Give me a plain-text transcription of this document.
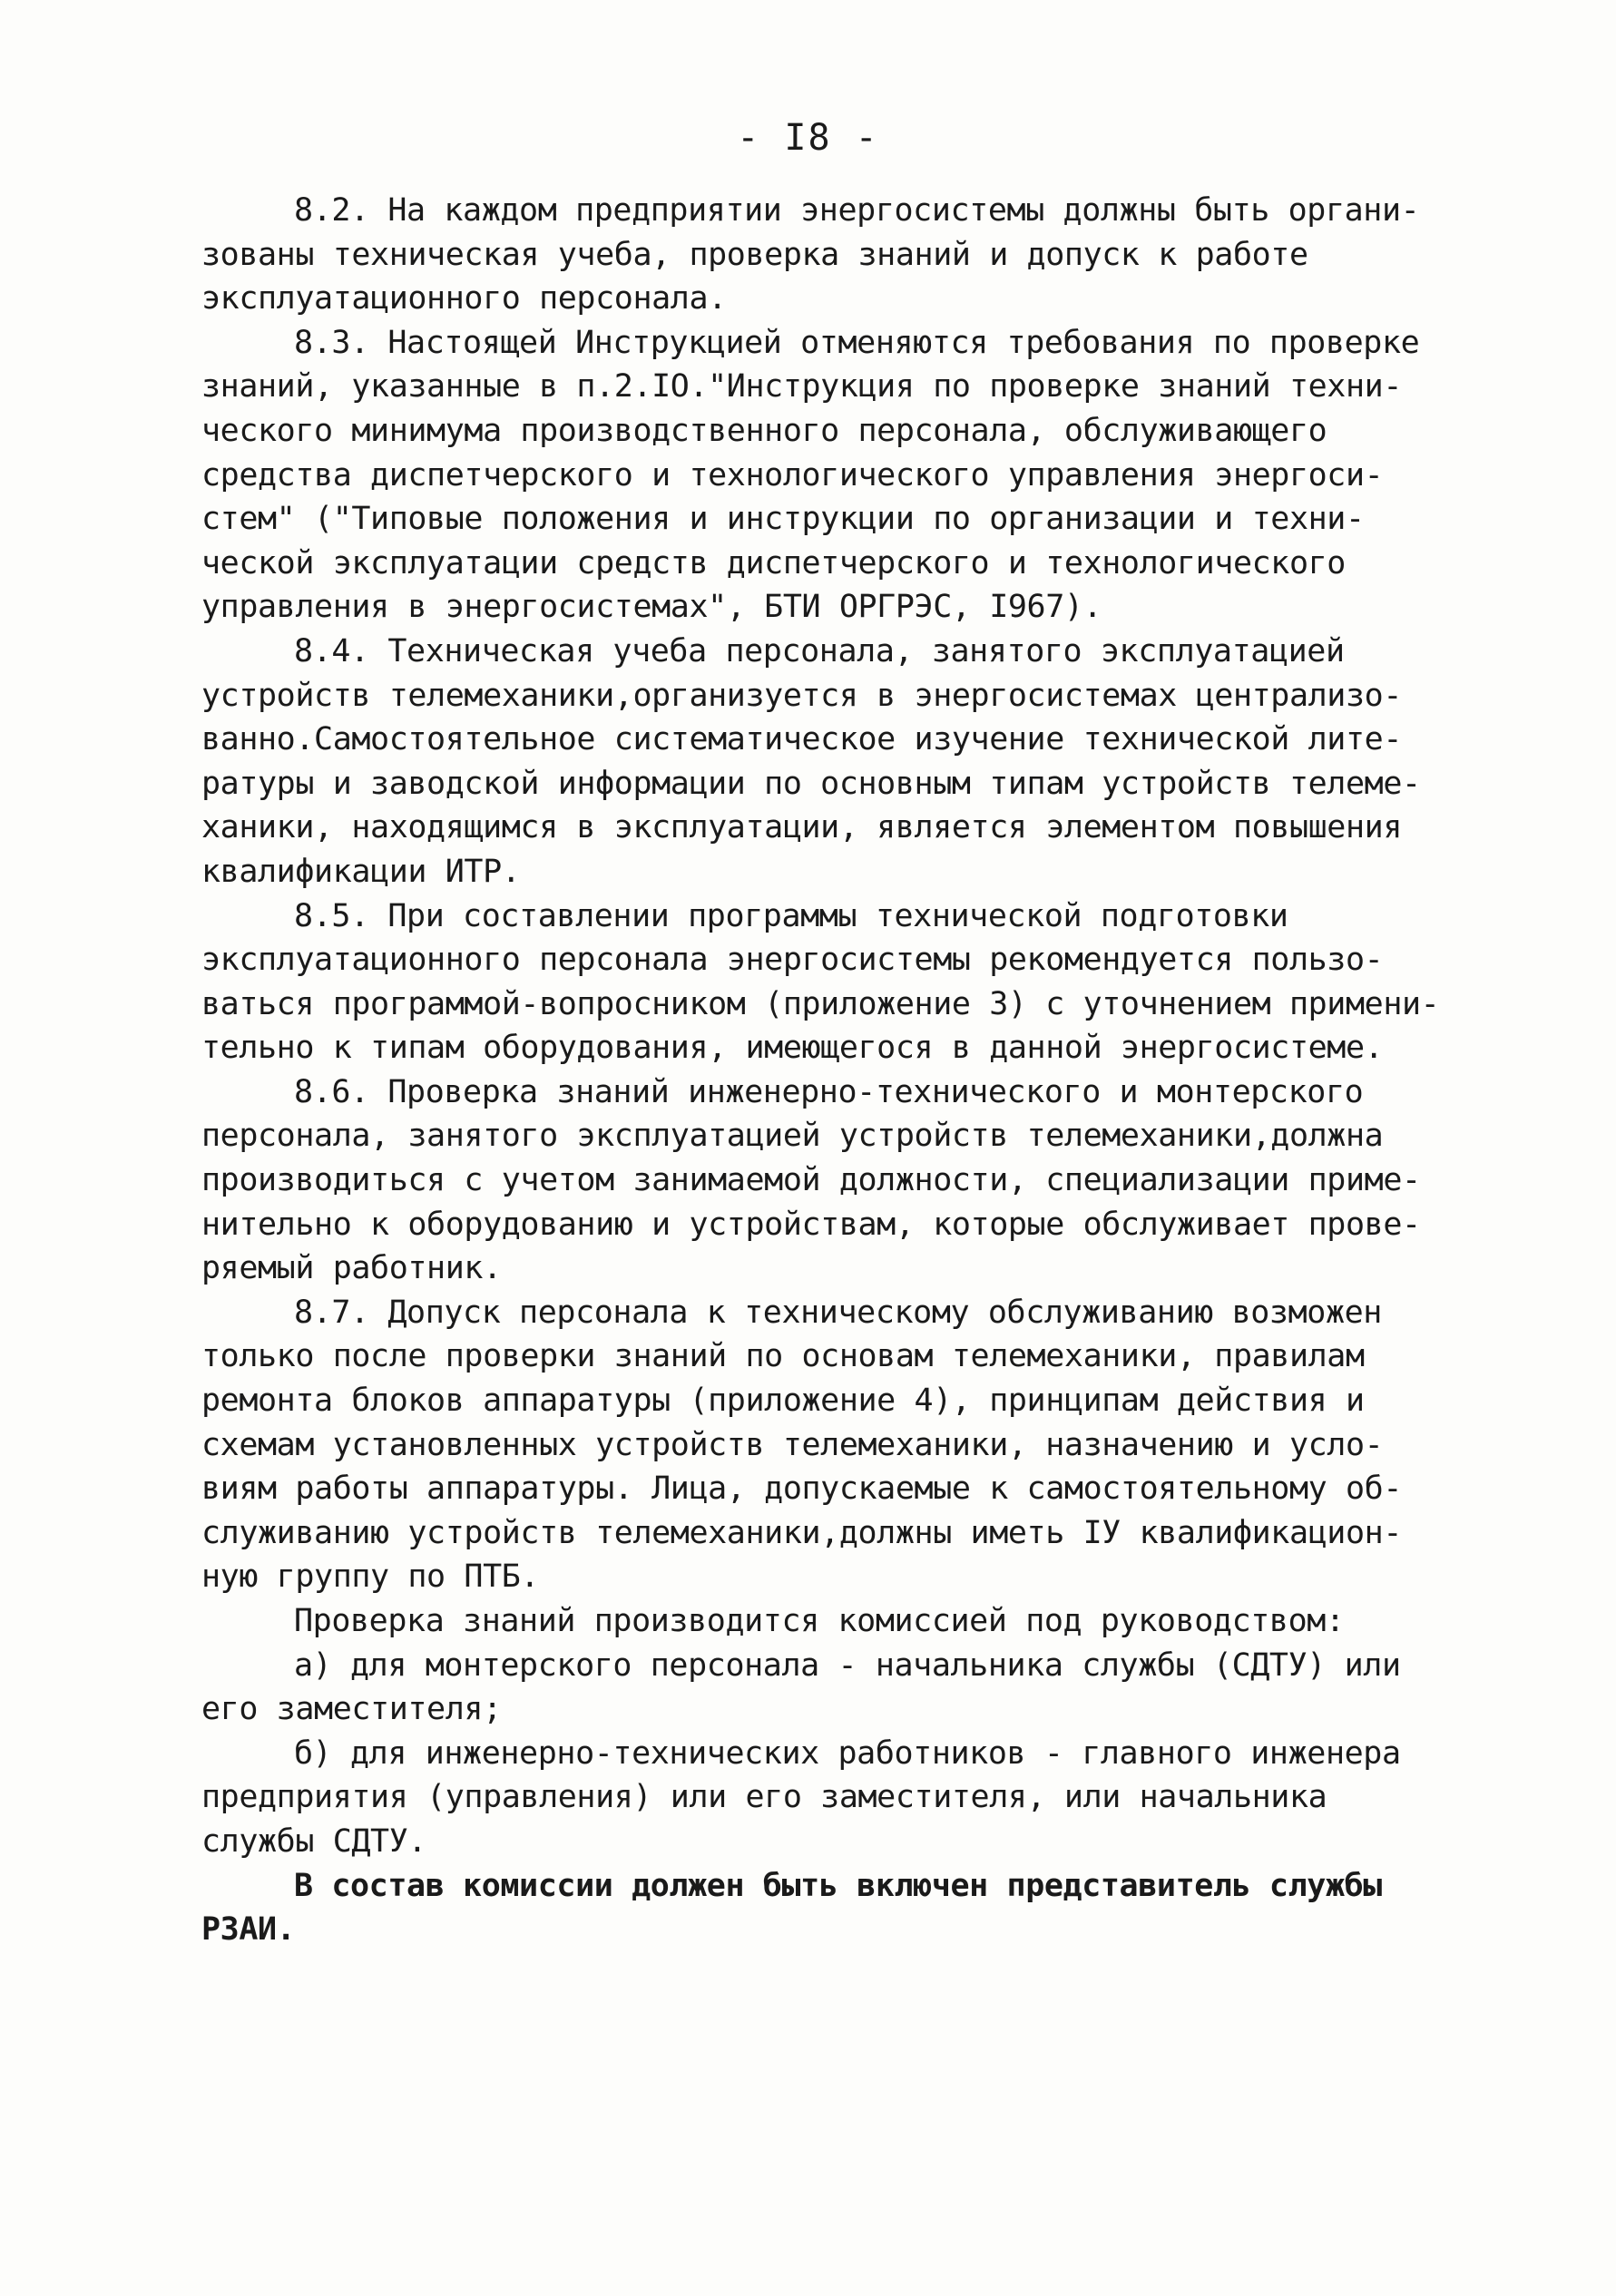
- I8 -
8.2. На каждом предприятии энергосистемы должны быть органи-
зованы техническая учеба, проверка знаний и допуск к работе
эксплуатационного персонала.
8.3. Настоящей Инструкцией отменяются требования по проверке
знаний, указанные в п.2.IO."Инструкция по проверке знаний техни-
ческого минимума производственного персонала, обслуживающего
средства диспетчерского и технологического управления энергоси-
стем" ("Типовые положения и инструкции по организации и техни-
ческой эксплуатации средств диспетчерского и технологического
управления в энергосистемах", БТИ ОРГРЭС, I967).
8.4. Техническая учеба персонала, занятого эксплуатацией
устройств телемеханики,организуется в энергосистемах централизо-
ванно.Самостоятельное систематическое изучение технической лите-
ратуры и заводской информации по основным типам устройств телеме-
ханики, находящимся в эксплуатации, является элементом повышения
квалификации ИТР.
8.5. При составлении программы технической подготовки
эксплуатационного персонала энергосистемы рекомендуется пользо-
ваться программой-вопросником (приложение 3) с уточнением примени-
тельно к типам оборудования, имеющегося в данной энергосистеме.
8.6. Проверка знаний инженерно-технического и монтерского
персонала, занятого эксплуатацией устройств телемеханики,должна
производиться с учетом занимаемой должности, специализации приме-
нительно к оборудованию и устройствам, которые обслуживает прове-
ряемый работник.
8.7. Допуск персонала к техническому обслуживанию возможен
только после проверки знаний по основам телемеханики, правилам
ремонта блоков аппаратуры (приложение 4), принципам действия и
схемам установленных устройств телемеханики, назначению и усло-
виям работы аппаратуры. Лица, допускаемые к самостоятельному об-
служиванию устройств телемеханики,должны иметь IУ квалификацион-
ную группу по ПТБ.
Проверка знаний производится комиссией под руководством:
а) для монтерского персонала - начальника службы (СДТУ) или
его заместителя;
б) для инженерно-технических работников - главного инженера
предприятия (управления) или его заместителя, или начальника
службы СДТУ.
В состав комиссии должен быть включен представитель службы
РЗАИ.
